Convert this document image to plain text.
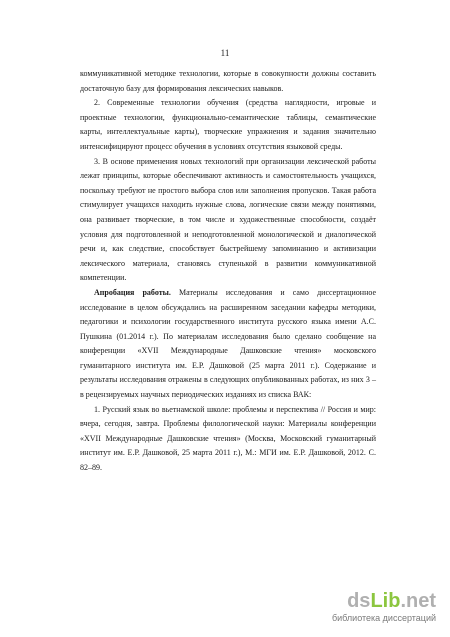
11

коммуникативной методике технологии, которые в совокупности должны составить достаточную базу для формирования лексических навыков.

2. Современные технологии обучения (средства наглядности, игровые и проектные технологии, функционально-семантические таблицы, семантические карты, интеллектуальные карты), творческие упражнения и задания значительно интенсифицируют процесс обучения в условиях отсутствия языковой среды.

3. В основе применения новых технологий при организации лексической работы лежат принципы, которые обеспечивают активность и самостоятельность учащихся, поскольку требуют не простого выбора слов или заполнения пропусков. Такая работа стимулирует учащихся находить нужные слова, логические связи между понятиями, она развивает творческие, в том числе и художественные способности, создаёт условия для подготовленной и неподготовленной монологической и диалогической речи и, как следствие, способствует быстрейшему запоминанию и активизации лексического материала, становясь ступенькой в развитии коммуникативной компетенции.

Апробация работы. Материалы исследования и само диссертационное исследование в целом обсуждались на расширенном заседании кафедры методики, педагогики и психологии государственного института русского языка имени А.С. Пушкина (01.2014 г.). По материалам исследования было сделано сообщение на конференции «XVII Международные Дашковские чтения» московского гуманитарного института им. Е.Р. Дашковой (25 марта 2011 г.). Содержание и результаты исследования отражены в следующих опубликованных работах, из них 3 – в рецензируемых научных периодических изданиях из списка ВАК:

1. Русский язык во вьетнамской школе: проблемы и перспектива // Россия и мир: вчера, сегодня, завтра. Проблемы филологической науки: Материалы конференции «XVII Международные Дашковские чтения» (Москва, Московский гуманитарный институт им. Е.Р. Дашковой, 25 марта 2011 г.), М.: МГИ им. Е.Р. Дашковой, 2012. С. 82–89.

dsLib.net
библиотека диссертаций
